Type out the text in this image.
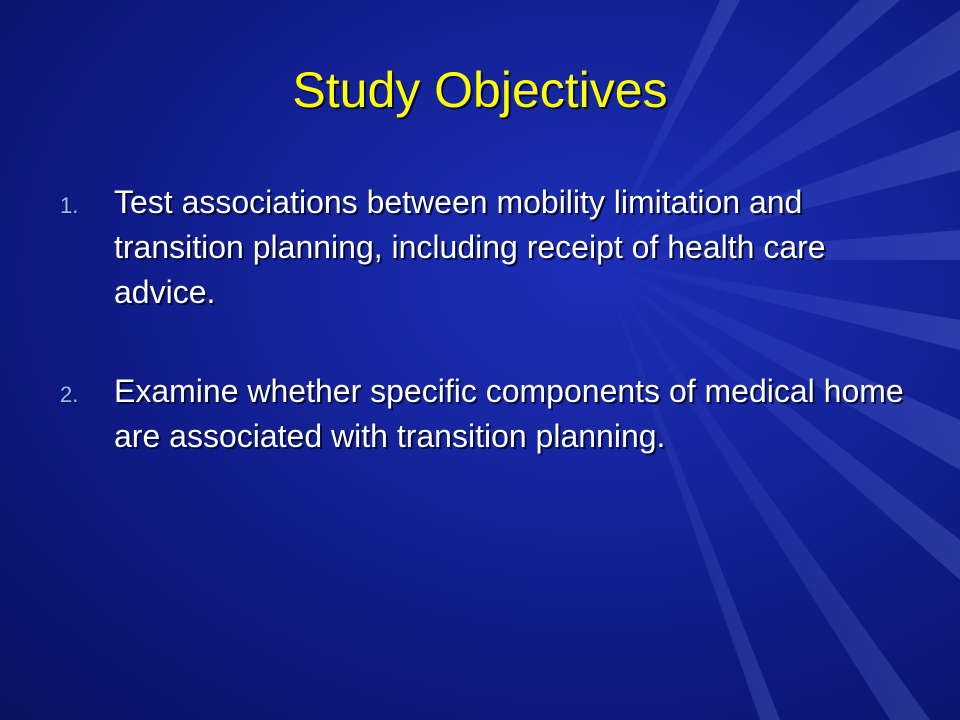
Study Objectives
1. Test associations between mobility limitation and transition planning, including receipt of health care advice.
2. Examine whether specific components of medical home are associated with transition planning.
